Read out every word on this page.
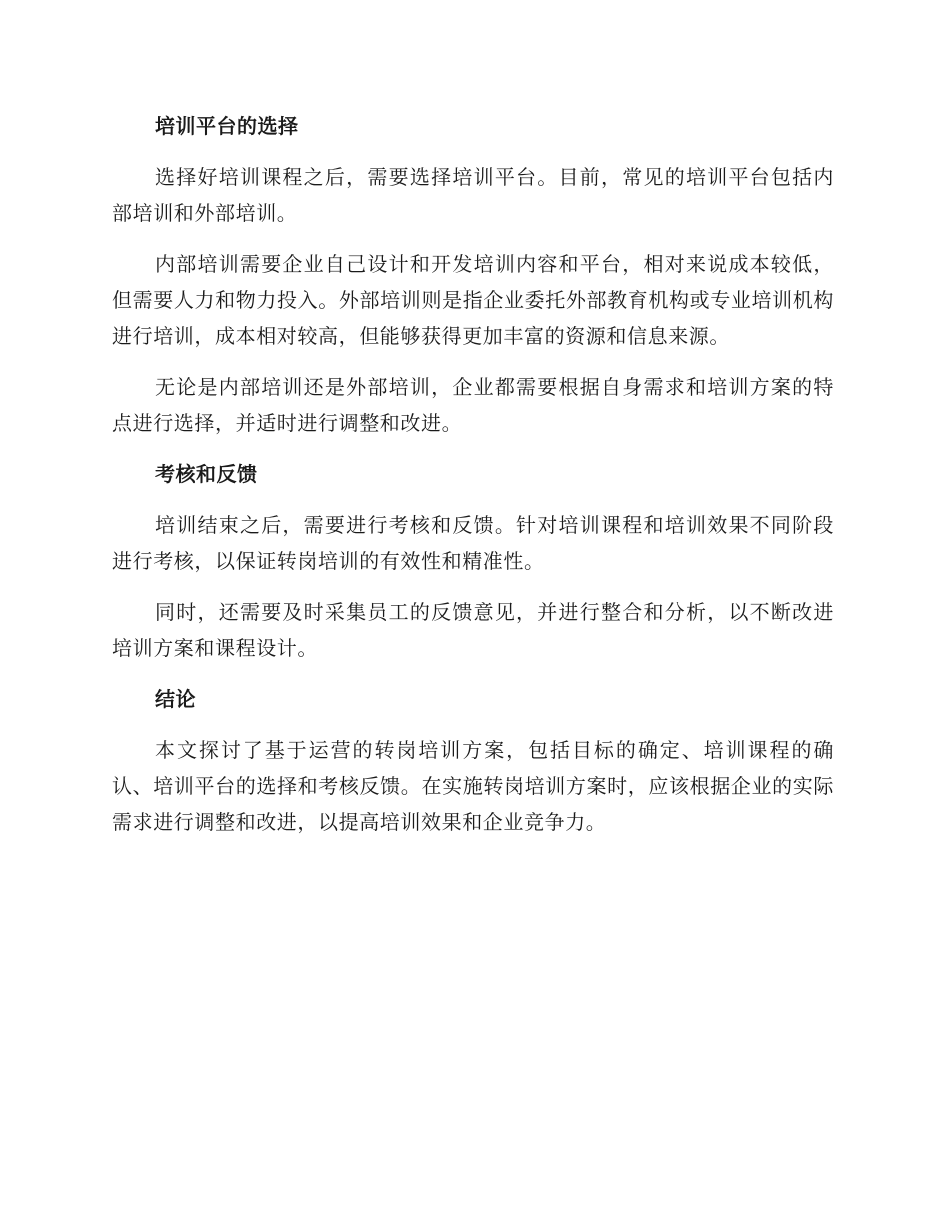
培训平台的选择

选择好培训课程之后，需要选择培训平台。目前，常见的培训平台包括内部培训和外部培训。

内部培训需要企业自己设计和开发培训内容和平台，相对来说成本较低，但需要人力和物力投入。外部培训则是指企业委托外部教育机构或专业培训机构进行培训，成本相对较高，但能够获得更加丰富的资源和信息来源。

无论是内部培训还是外部培训，企业都需要根据自身需求和培训方案的特点进行选择，并适时进行调整和改进。

考核和反馈

培训结束之后，需要进行考核和反馈。针对培训课程和培训效果不同阶段进行考核，以保证转岗培训的有效性和精准性。

同时，还需要及时采集员工的反馈意见，并进行整合和分析，以不断改进培训方案和课程设计。

结论

本文探讨了基于运营的转岗培训方案，包括目标的确定、培训课程的确认、培训平台的选择和考核反馈。在实施转岗培训方案时，应该根据企业的实际需求进行调整和改进，以提高培训效果和企业竞争力。
